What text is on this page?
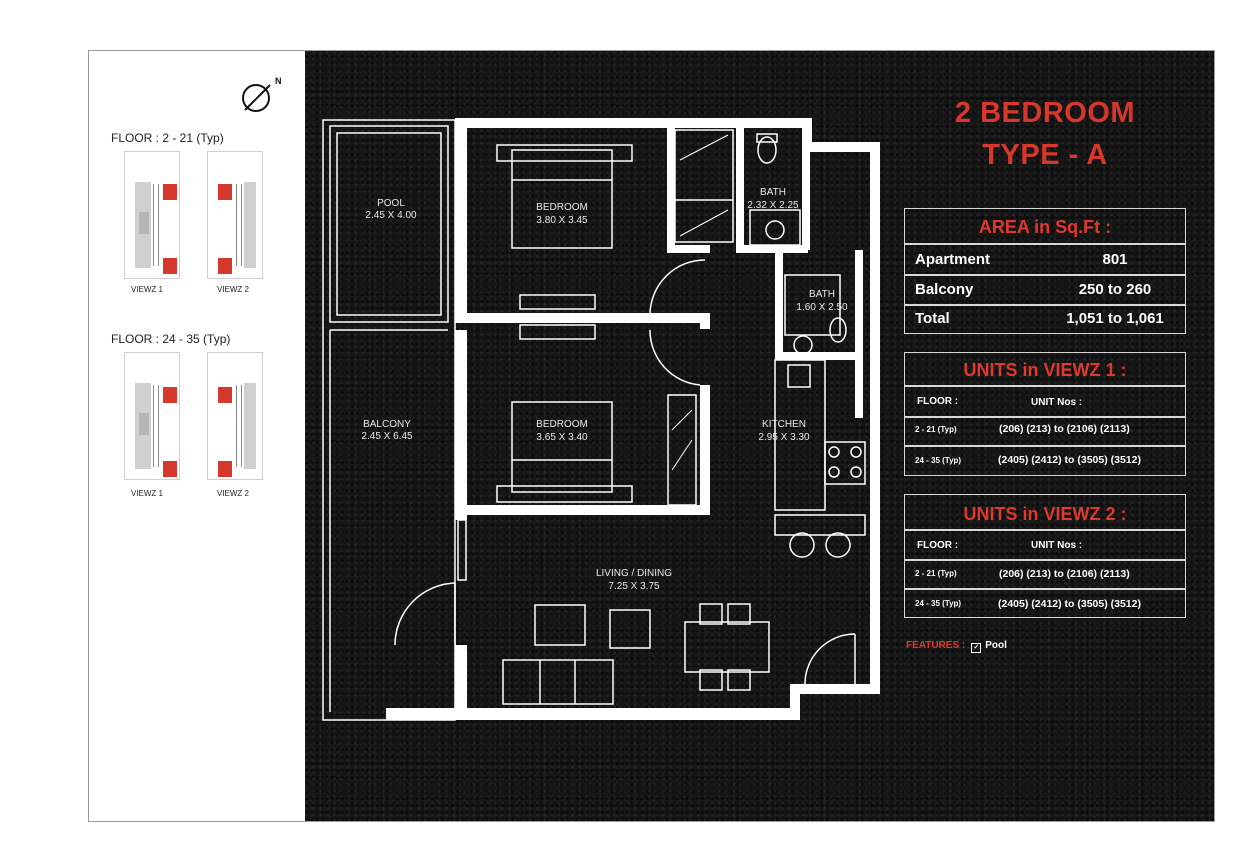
N
FLOOR : 2 - 21 (Typ)
VIEWZ 1	VIEWZ 2
FLOOR : 24 - 35 (Typ)
VIEWZ 1	VIEWZ 2
POOL
2.45 X 4.00
BALCONY
2.45 X 6.45
BEDROOM
3.80 X 3.45
BEDROOM
3.65 X 3.40
BATH
2.32 X 2.25
BATH
1.60 X 2.50
KITCHEN
2.95 X 3.30
LIVING / DINING
7.25 X 3.75
2 BEDROOM
TYPE - A
AREA in Sq.Ft :
Apartment	801
Balcony	250 to 260
Total	1,051 to 1,061
UNITS in VIEWZ 1 :
FLOOR :	UNIT Nos :
2 - 21 (Typ)	(206) (213) to (2106) (2113)
24 - 35 (Typ)	(2405) (2412) to (3505) (3512)
UNITS in VIEWZ 2 :
FLOOR :	UNIT Nos :
2 - 21 (Typ)	(206) (213) to (2106) (2113)
24 - 35 (Typ)	(2405) (2412) to (3505) (3512)
FEATURES : ✓ Pool
